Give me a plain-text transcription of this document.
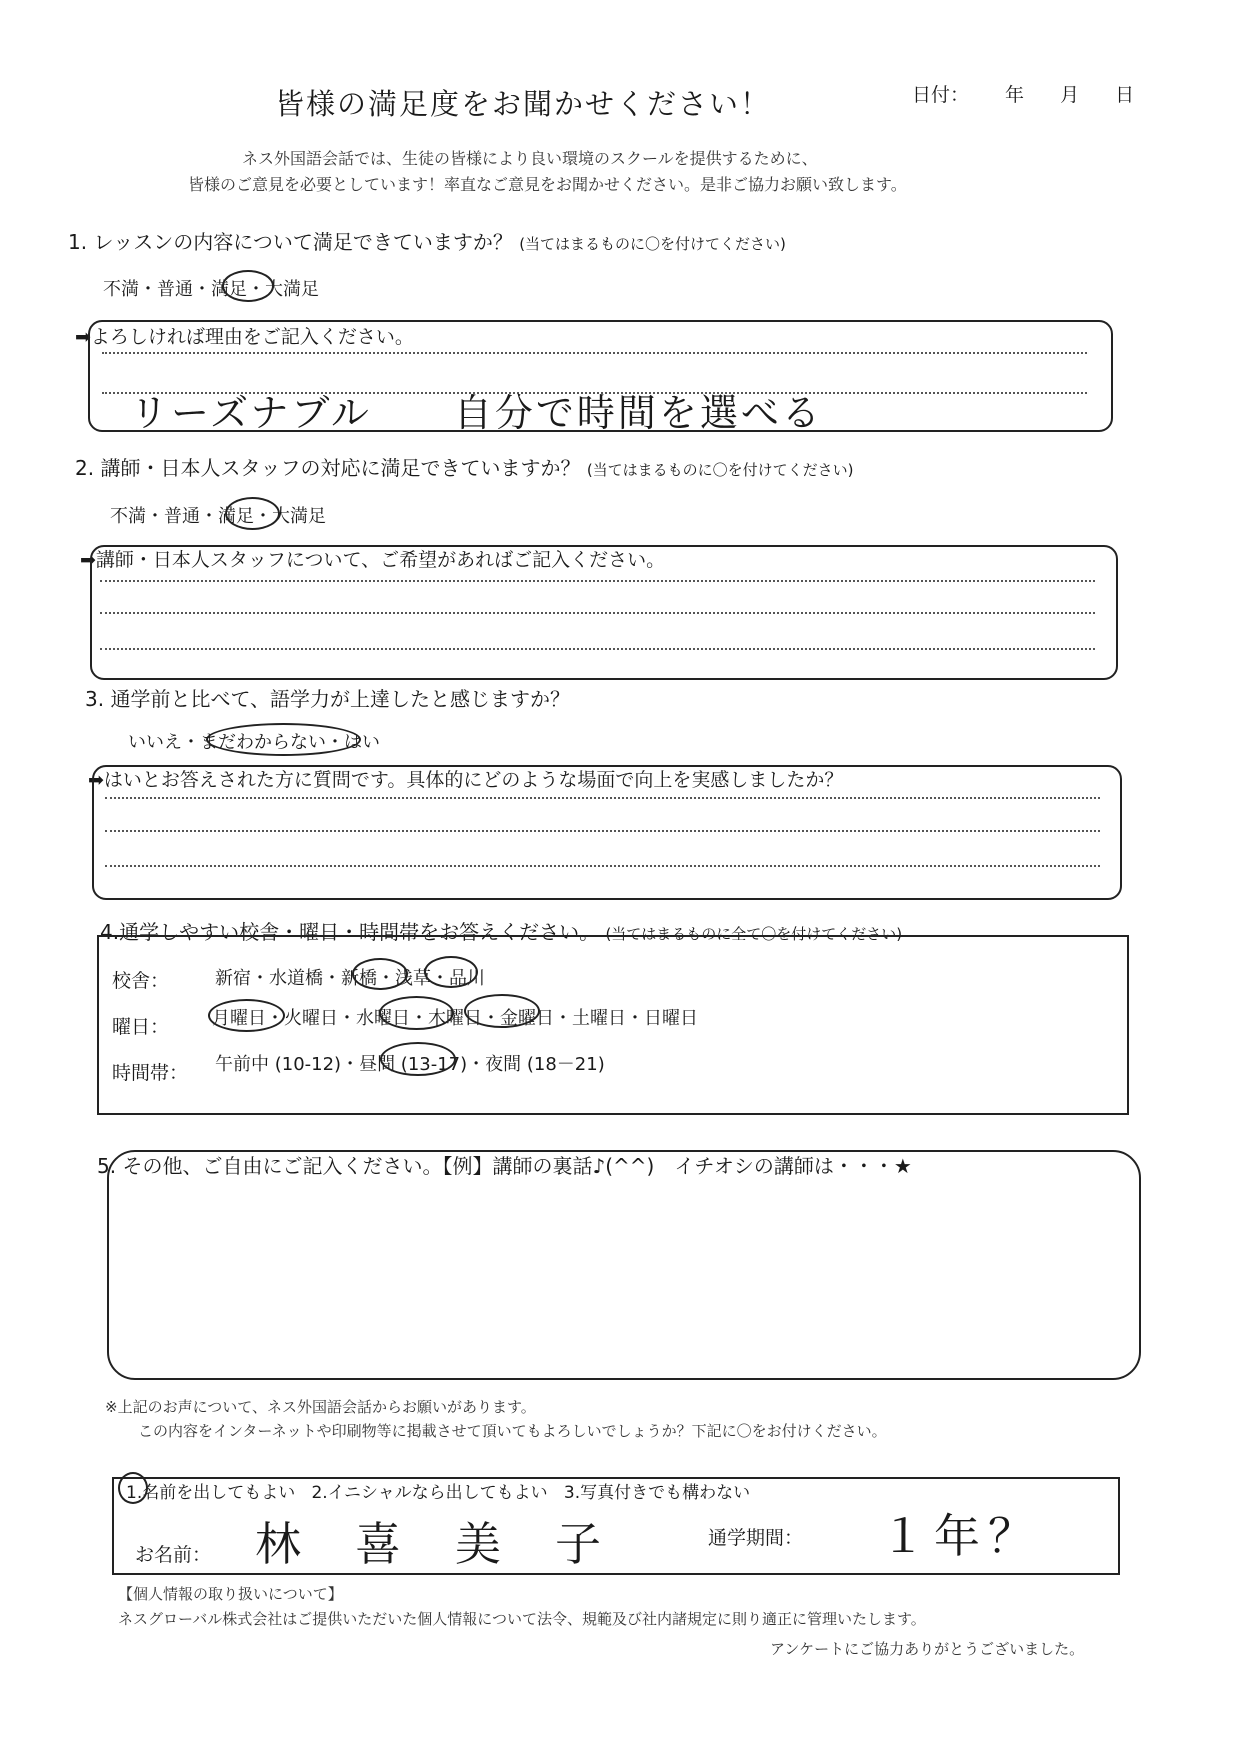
皆様の満足度をお聞かせください！	日付： 年 月 日
ネス外国語会話では、生徒の皆様により良い環境のスクールを提供するために、
皆様のご意見を必要としています！率直なご意見をお聞かせください。是非ご協力お願い致します。
1. レッスンの内容について満足できていますか？ (当てはまるものに〇を付けてください)
不満・普通・満足・大満足
➡よろしければ理由をご記入ください。
リーズナブル　　自分で時間を選べる
2. 講師・日本人スタッフの対応に満足できていますか？ (当てはまるものに〇を付けてください)
不満・普通・満足・大満足
➡講師・日本人スタッフについて、ご希望があればご記入ください。
3. 通学前と比べて、語学力が上達したと感じますか？
いいえ・まだわからない・はい
➡はいとお答えされた方に質問です。具体的にどのような場面で向上を実感しましたか？
4.通学しやすい校舎・曜日・時間帯をお答えください。 (当てはまるものに全て〇を付けてください)
校舎：	新宿・水道橋・新橋・浅草・品川
曜日： 月曜日・火曜日・水曜日・木曜日・金曜日・土曜日・日曜日
時間帯： 午前中 (10-12)・昼間 (13-17)・夜間 (18－21)
5. その他、ご自由にご記入ください。【例】講師の裏話♪(^^)　イチオシの講師は・・・★
※上記のお声について、ネス外国語会話からお願いがあります。
この内容をインターネットや印刷物等に掲載させて頂いてもよろしいでしょうか？下記に〇をお付けください。
1.名前を出してもよい 2.イニシャルなら出してもよい 3.写真付きでも構わない
お名前： 林　喜　美　子	通学期間： １年？
【個人情報の取り扱いについて】
ネスグローバル株式会社はご提供いただいた個人情報について法令、規範及び社内諸規定に則り適正に管理いたします。
アンケートにご協力ありがとうございました。
